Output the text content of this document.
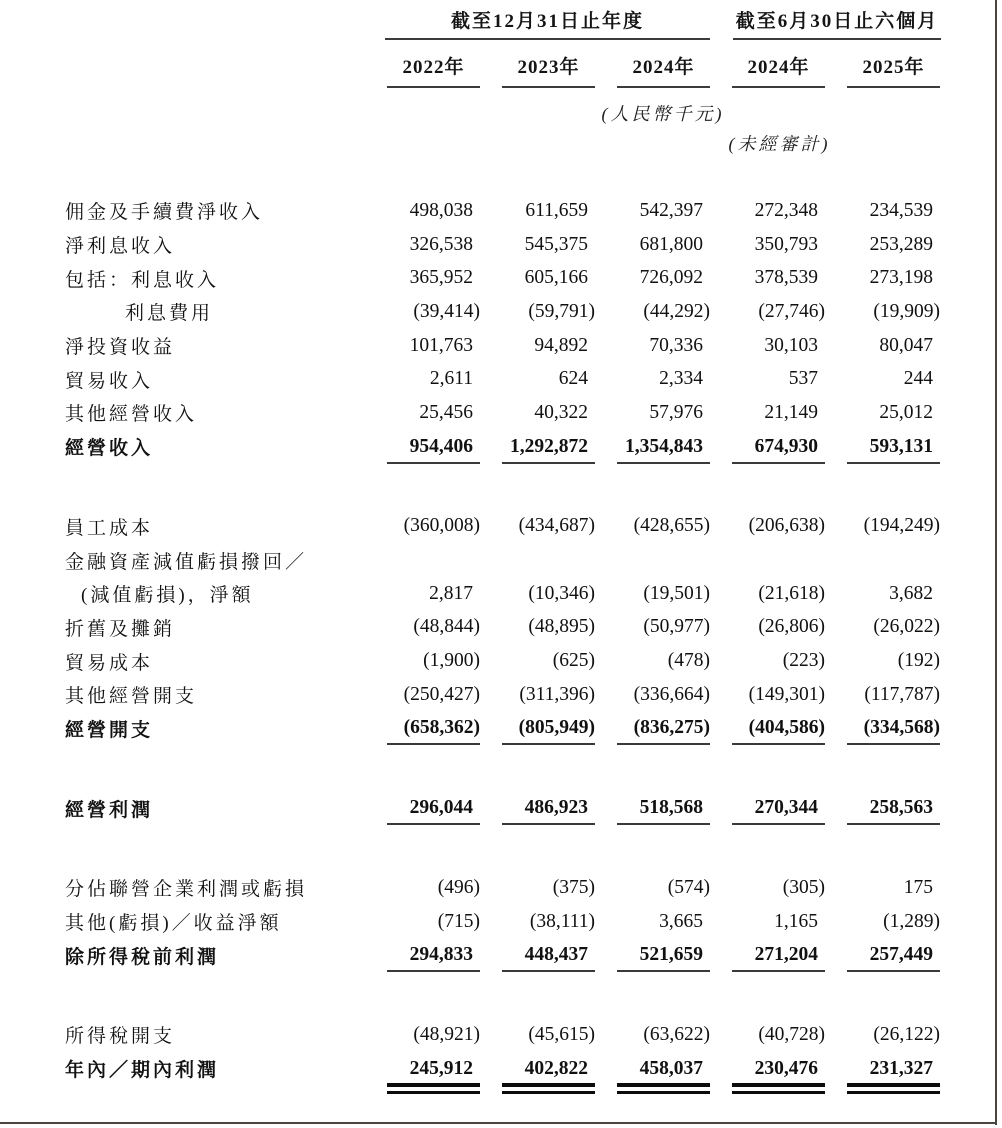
截至12月31日止年度	截至6月30日止六個月
2022年	2023年	2024年	2024年	2025年
(人民幣千元)
(未經審計)
佣金及手續費淨收入	498,038	611,659	542,397	272,348	234,539
淨利息收入	326,538	545,375	681,800	350,793	253,289
包括：利息收入	365,952	605,166	726,092	378,539	273,198
利息費用	(39,414) (59,791) (44,292) (27,746) (19,909)
淨投資收益	101,763	94,892	70,336	30,103	80,047
貿易收入	2,611	624	2,334	537	244
其他經營收入	25,456	40,322	57,976	21,149	25,012
經營收入	954,406	1,292,872	1,354,843	674,930	593,131
員工成本	(360,008) (434,687) (428,655) (206,638) (194,249)
金融資產減值虧損撥回／
(減值虧損)，淨額	2,817	(10,346) (19,501) (21,618)	3,682
折舊及攤銷	(48,844) (48,895) (50,977) (26,806) (26,022)
貿易成本	(1,900)	(625)	(478)	(223)	(192)
其他經營開支	(250,427) (311,396) (336,664) (149,301) (117,787)
經營開支	(658,362) (805,949) (836,275) (404,586) (334,568)
經營利潤	296,044	486,923	518,568	270,344	258,563
分佔聯營企業利潤或虧損	(496)	(375)	(574)	(305)	175
其他(虧損)／收益淨額	(715)	(38,111)	3,665	1,165	(1,289)
除所得稅前利潤	294,833	448,437	521,659	271,204	257,449
所得稅開支	(48,921) (45,615) (63,622) (40,728) (26,122)
年內／期內利潤	245,912	402,822	458,037	230,476	231,327
